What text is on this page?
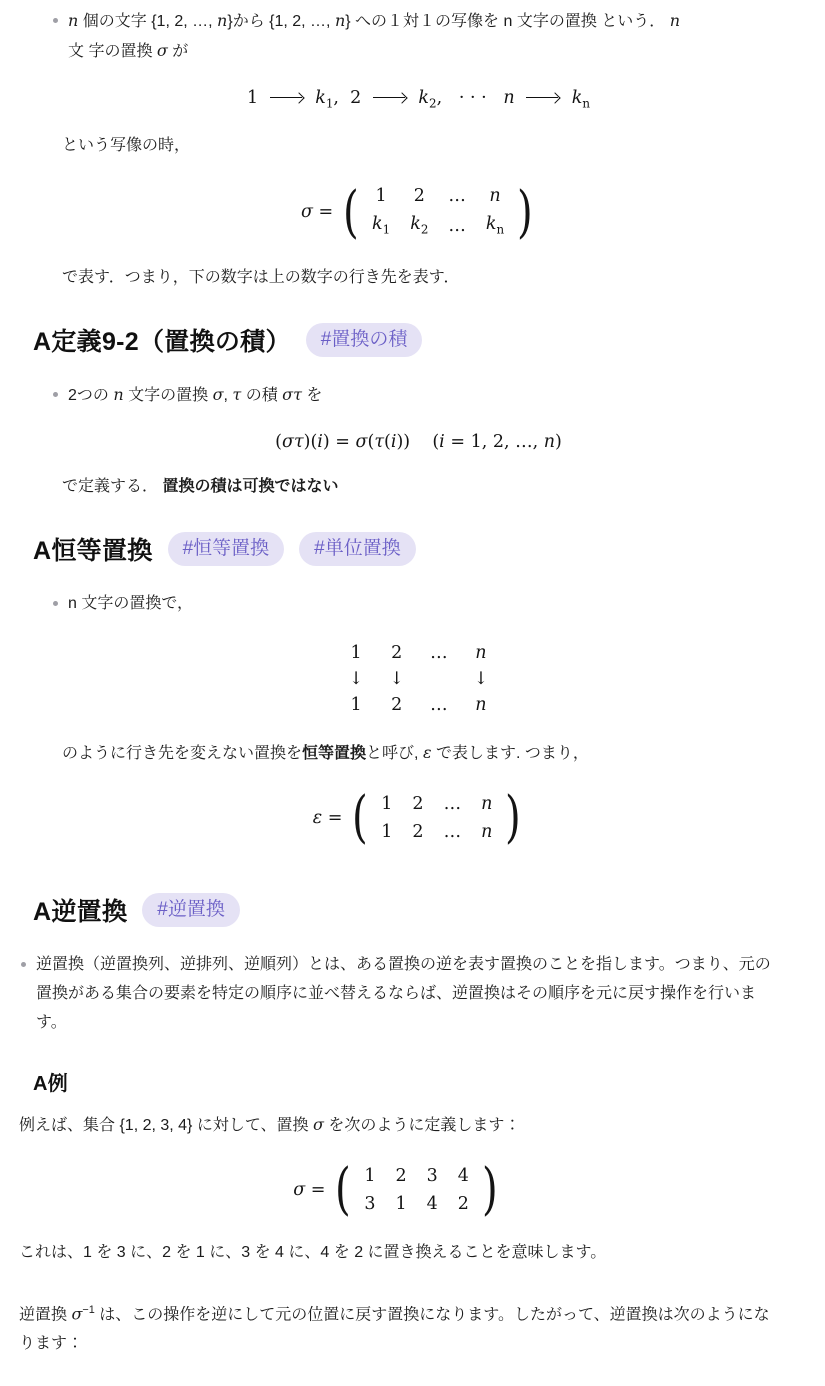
n 個の文字 {1, 2, …, n}から {1, 2, …, n} への１対１の写像を n 文字の置換 という． n
文 字の置換 σ が
1	$k_1$,  2	$k_2$,   · · ·   n	$k_n$

という写像の時，

σ = ( 1	2	…	n
$k_1$	$k_2$	…	$k_n$ )

で表す．つまり，下の数字は上の数字の行き先を表す．

A定義9-2（置換の積）	#置換の積
2つの n 文字の置換 σ, τ の積 στ を
(στ)(i) = σ(τ(i))    (i = 1, 2, …, n)

で定義する． 置換の積は可換ではない

A恒等置換	#恒等置換	#単位置換
n 文字の置換で，
1	2	…	n
↓	↓		↓
1	2	…	n

のように行き先を変えない置換を恒等置換と呼び, ε で表します. つまり，

ε = ( 1	2	…	n
1	2	…	n )
A逆置換	#逆置換
逆置換（逆置換列、逆排列、逆順列）とは、ある置換の逆を表す置換のことを指します。つまり、元の置換がある集合の要素を特定の順序に並べ替えるならば、逆置換はその順序を元に戻す操作を行います。
A例

例えば、集合 {1, 2, 3, 4} に対して、置換 σ を次のように定義します：

σ = ( 1	2	3	4
3	1	4	2 )

これは、1 を 3 に、2 を 1 に、3 を 4 に、4 を 2 に置き換えることを意味します。

逆置換 $\sigma^{-1}$ は、この操作を逆にして元の位置に戻す置換になります。したがって、逆置換は次のようになります：
